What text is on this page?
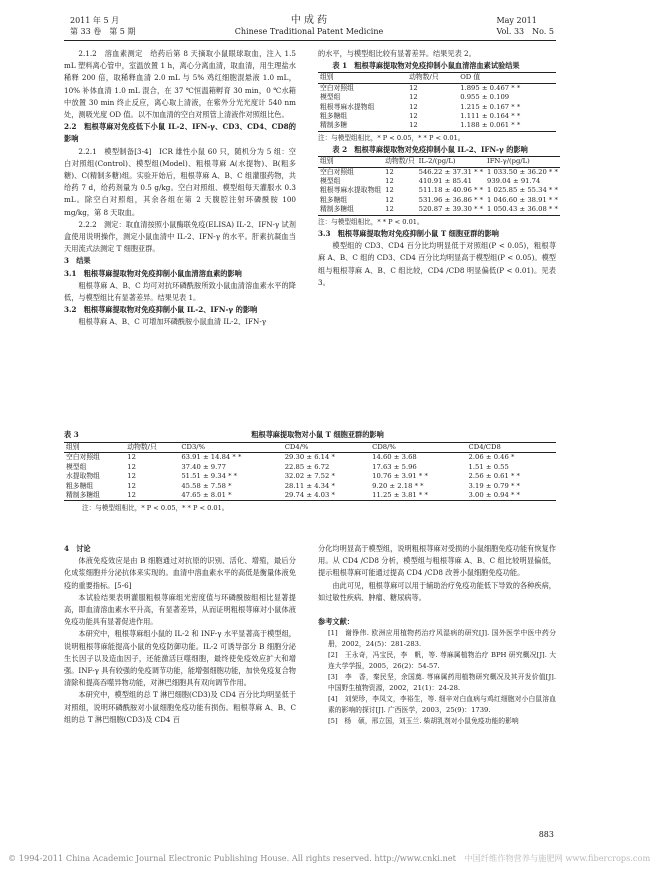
2011 年 5 月
第 33 卷　第 5 期
中 成 药
Chinese Traditional Patent Medicine
May 2011
Vol. 33　No. 5

2.1.2　溶血素测定　给药后第 8 天摘取小鼠眼球取血，注入 1.5 mL 塑料离心管中，室温放置 1 h，离心分离血清，取血清，用生理盐水稀释 200 倍，取稀释血清 2.0 mL 与 5% 鸡红细胞混悬液 1.0 mL，10% 补体血清 1.0 mL 混合，在 37 ℃恒温箱孵育 30 min，0 ℃水箱中放置 30 min 终止反应，离心取上清液，在紫外分光光度计 540 nm 处，测吸光度 OD 值。以不加血清的空白对照管上清液作对照组比色。

2.2　粗根荨麻对免疫低下小鼠 IL-2、IFN-γ、CD3、CD4、CD8的影响

2.2.1　模型制备[3-4]　ICR 雄性小鼠 60 只，随机分为 5 组：空白对照组(Control)、模型组(Model)、粗根荨麻 A(水提物)、B(粗多糖)、C(精制多糖)组。实验开始后，粗根荨麻 A、B、C 组灌服药物，共给药 7 d，给药剂量为 0.5 g/kg。空白对照组、模型组每天灌服水 0.3 mL。除空白对照组，其余各组在第 2 天腹腔注射环磷酰胺 100 mg/kg，第 8 天取血。

2.2.2　测定：取血清按照小鼠酶联免疫(ELISA) IL-2、IFN-γ 试剂盒使用说明操作，测定小鼠血清中 IL-2、IFN-γ 的水平。肝素抗凝血当天用流式法测定 T 细胞亚群。

3　结果

3.1　粗根荨麻提取物对免疫抑制小鼠血清溶血素的影响

粗根荨麻 A、B、C 均可对抗环磷酰胺所致小鼠血清溶血素水平的降低，与模型组比有显著差异。结果见表 1。

3.2　粗根荨麻提取物对免疫抑制小鼠 IL-2、IFN-γ 的影响

粗根荨麻 A、B、C 可增加环磷酰胺小鼠血清 IL-2、IFN-γ

的水平，与模型组比较有显著差异。结果见表 2。

表 1　粗根荨麻提取物对免疫抑制小鼠血清溶血素试验结果

组别	动物数/只	OD 值
空白对照组	12	1.895 ± 0.467 * *
模型组	12	0.955 ± 0.109
粗根荨麻水提物组	12	1.215 ± 0.167 * *
粗多糖组	12	1.111 ± 0.164 * *
精制多糖	12	1.188 ± 0.061 * *

注：与模型组相比，* P < 0.05，* * P < 0.01。

表 2　粗根荨麻提取物对免疫抑制小鼠 IL-2、IFN-γ 的影响

组别	动物数/只	IL-2/(pg/L)	IFN-γ/(pg/L)
空白对照组	12	546.22 ± 37.31 * *	1 033.50 ± 36.20 * *
模型组	12	410.91 ± 85.41	939.04 ± 91.74
粗根荨麻水提取物组	12	511.18 ± 40.96 * *	1 025.85 ± 55.34 * *
粗多糖组	12	531.96 ± 36.86 * *	1 046.60 ± 38.91 * *
精制多糖组	12	520.87 ± 39.30 * *	1 050.43 ± 36.08 * *

注：与模型组相比，* * P < 0.01。

3.3　粗根荨麻提取物对免疫抑制小鼠 T 细胞亚群的影响

模型组的 CD3、CD4 百分比均明显低于对照组(P < 0.05)，粗根荨麻 A、B、C 组的 CD3、CD4 百分比均明显高于模型组(P < 0.05)。模型组与粗根荨麻 A、B、C 组比较，CD4 /CD8 明显偏低(P < 0.01)。见表 3。

表 3	粗根荨麻提取物对小鼠 T 细胞亚群的影响
组别	动物数/只	CD3/%	CD4/%	CD8/%	CD4/CD8
空白对照组	12	63.91 ± 14.84 * *	29.30 ± 6.14 *	14.60 ± 3.68	2.06 ± 0.46 *
模型组	12	37.40 ± 9.77	22.85 ± 6.72	17.63 ± 5.96	1.51 ± 0.55
水提取物组	12	51.51 ± 9.34 * *	32.02 ± 7.52 *	10.76 ± 3.91 * *	2.56 ± 0.61 * *
粗多糖组	12	45.58 ± 7.58 *	28.11 ± 4.34 *	9.20 ± 2.18 * *	3.19 ± 0.79 * *
精制多糖组	12	47.65 ± 8.01 *	29.74 ± 4.03 *	11.25 ± 3.81 * *	3.00 ± 0.94 * *

注：与模型组相比，* P < 0.05，* * P < 0.01。

4　讨论

体液免疫效应是由 B 细胞通过对抗原的识别、活化、增殖，最后分化成浆细胞并分泌抗体来实现的。血清中溶血素水平的高低是衡量体液免疫的重要指标。[5-6]

本试验结果表明灌服粗根荨麻组光密度值与环磷酰胺组相比显著提高，即血清溶血素水平升高，有显著差异，从而证明粗根荨麻对小鼠体液免疫功能具有显著促进作用。

本研究中，粗根荨麻组小鼠的 IL-2 和 INF-γ 水平显著高于模型组，说明粗根荨麻能提高小鼠的免疫防御功能。IL-2 可诱导部分 B 细胞分泌生长因子以及造血因子，还能激活巨噬细胞，最终使免疫效应扩大和增强。INF-γ 具有较强的免疫调节功能，能增强细胞功能，加快免疫复合物清除和提高吞噬异物功能，对淋巴细胞具有双向调节作用。

本研究中，模型组的总 T 淋巴细胞(CD3)及 CD4 百分比均明显低于对照组，说明环磷酰胺对小鼠细胞免疫功能有损伤。粗根荨麻 A、B、C 组的总 T 淋巴细胞(CD3)及 CD4 百

分化均明显高于模型组，说明粗根荨麻对受损的小鼠细胞免疫功能有恢复作用。从 CD4 /CD8 分析，模型组与粗根荨麻 A、B、C 组比较明显偏低，提示粗根荨麻可能通过提高 CD4 /CD8 改善小鼠细胞免疫功能。

由此可见，粗根荨麻可以用于辅助治疗免疫功能低下导致的各种疾病，如过敏性疾病、肿瘤、糖尿病等。

参考文献：

[1]　谢铮伟. 欧洲应用植物药治疗风湿病的研究[J]. 国外医学中医中药分册，2002，24(5)：281-283.

[2]　王永奇，冯宝民，李　帆，等. 荨麻属植物治疗 BPH 研究概况[J]. 大连大学学报，2005，26(2)：54-57.

[3]　李　香，秦民坚，余国奠. 荨麻属药用植物研究概况及其开发价值[J]. 中国野生植物资源，2002，21(1)：24-28.

[4]　刘荣珍，李凤文，李裕生，等. 细辛对白血病与鸡红细胞对小白鼠溶血素的影响的探讨[J]. 广西医学，2003，25(9)：1739.

[5]　杨　硕，邢立国，刘玉兰. 柴胡乳剂对小鼠免疫功能的影响

883
© 1994-2011 China Academic Journal Electronic Publishing House. All rights reserved. http://www.cnki.net 中国纤维作物营养与施肥网 www.fibercrops.com
